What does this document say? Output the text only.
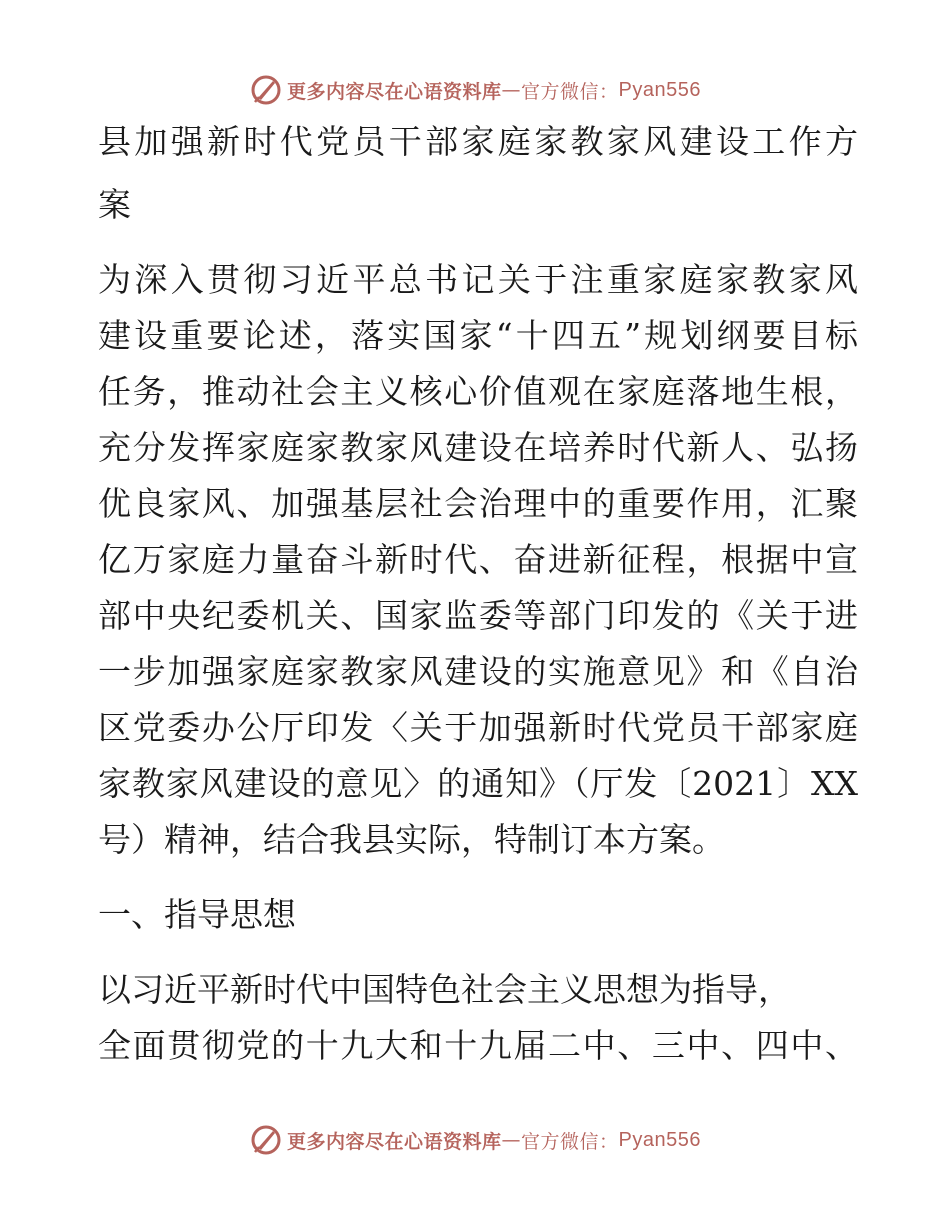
更多内容尽在心语资料库 — 官方微信： Pyan556
县加强新时代党员干部家庭家教家风建设工作方
案
为深入贯彻习近平总书记关于注重家庭家教家风
建设重要论述，落实国家“十四五”规划纲要目标
任务，推动社会主义核心价值观在家庭落地生根，
充分发挥家庭家教家风建设在培养时代新人、弘扬
优良家风、加强基层社会治理中的重要作用，汇聚
亿万家庭力量奋斗新时代、奋进新征程，根据中宣
部中央纪委机关、国家监委等部门印发的《关于进
一步加强家庭家教家风建设的实施意见》和《自治
区党委办公厅印发〈关于加强新时代党员干部家庭
家教家风建设的意见〉的通知》（厅发〔2021〕XX
号）精神，结合我县实际，特制订本方案。
一、指导思想
以习近平新时代中国特色社会主义思想为指导，
全面贯彻党的十九大和十九届二中、三中、四中、
更多内容尽在心语资料库 — 官方微信： Pyan556
